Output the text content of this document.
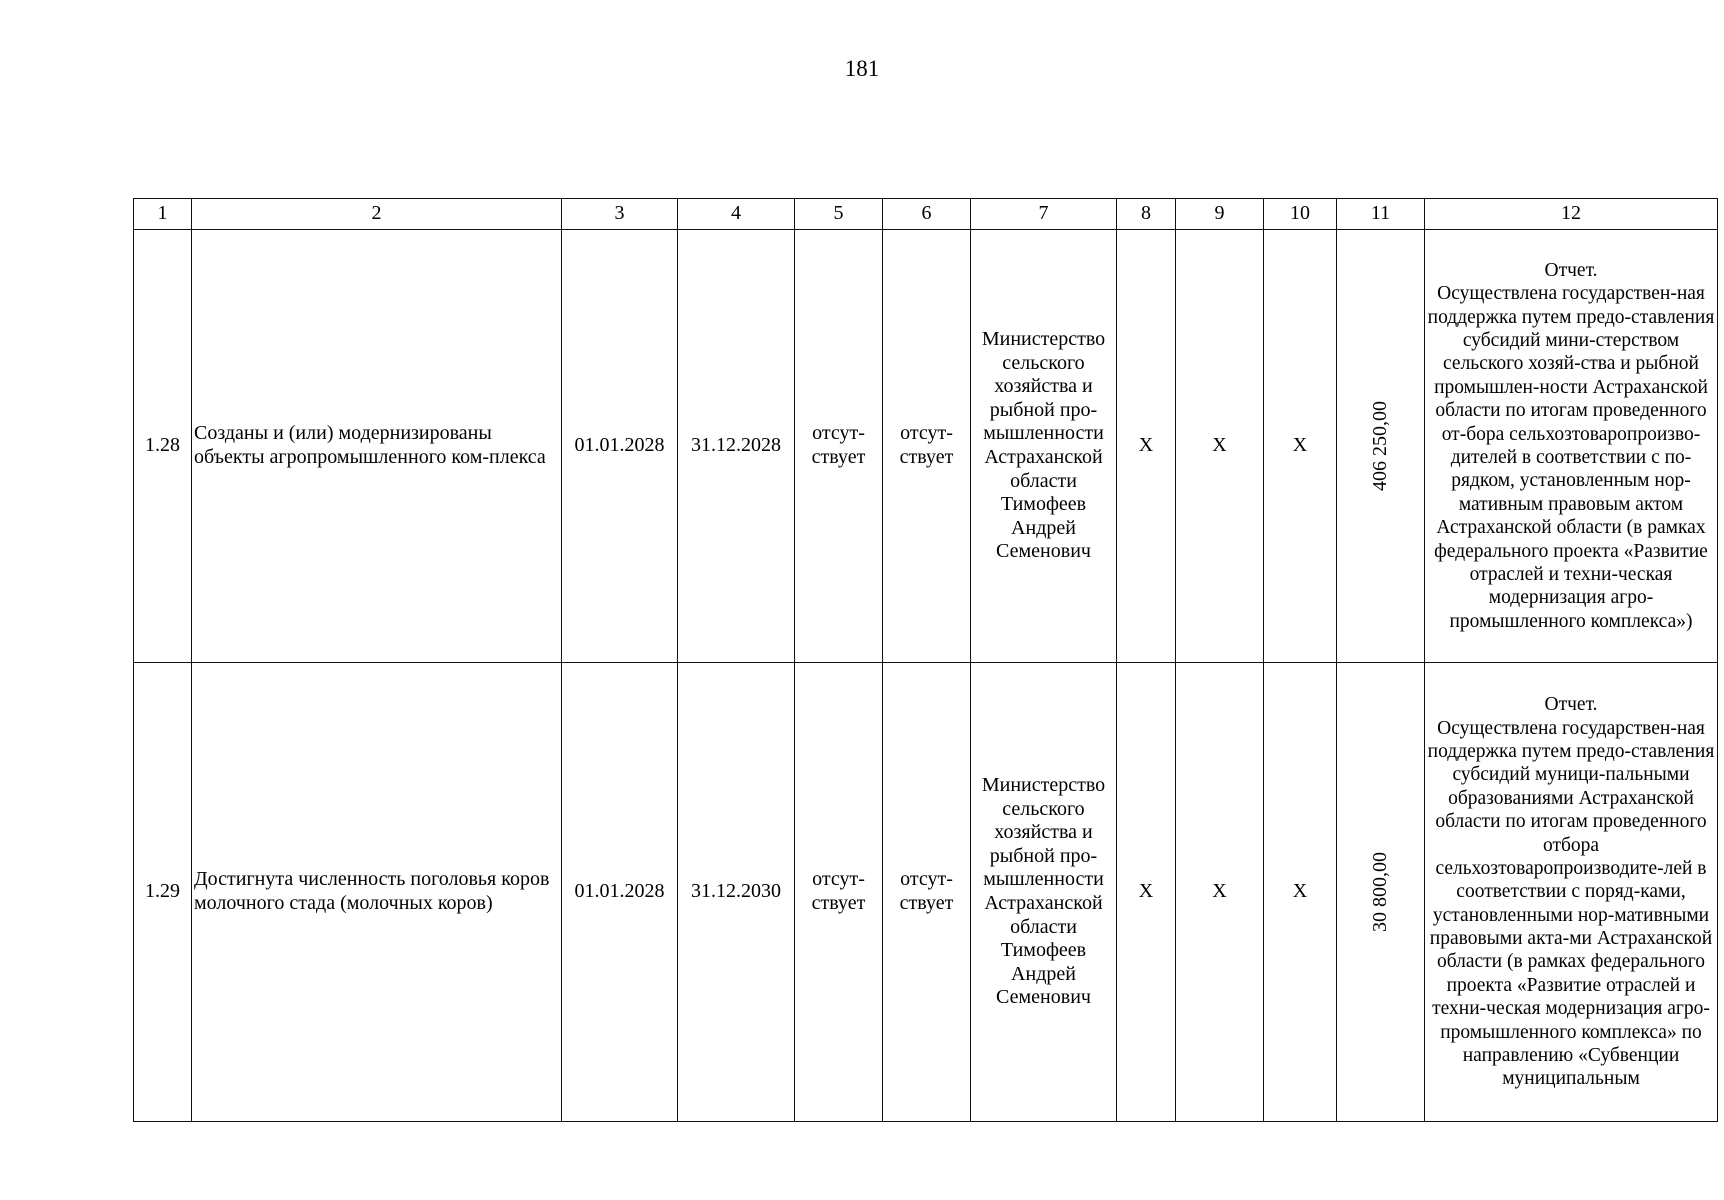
181
1	2	3	4	5	6	7	8	9	10	11	12
1.28	Созданы и (или) модернизированы объекты агропромышленного ком-плекса	01.01.2028	31.12.2028	отсут-ствует	отсут-ствует	Министерство сельского хозяйства и рыбной про-мышленности Астраханской области Тимофеев Андрей Семенович	Х	Х	Х	406 250,00	Отчет.
Осуществлена государствен-ная поддержка путем предо-ставления субсидий мини-стерством сельского хозяй-ства и рыбной промышлен-ности Астраханской области по итогам проведенного от-бора сельхозтоваропроизво-дителей в соответствии с по-рядком, установленным нор-мативным правовым актом Астраханской области (в рамках федерального проекта «Развитие отраслей и техни-ческая модернизация агро-промышленного комплекса»)

1.29	Достигнута численность поголовья коров молочного стада (молочных коров)	01.01.2028	31.12.2030	отсут-ствует	отсут-ствует	Министерство сельского хозяйства и рыбной про-мышленности Астраханской области Тимофеев Андрей Семенович	Х	Х	Х	30 800,00	Отчет.
Осуществлена государствен-ная поддержка путем предо-ставления субсидий муници-пальными образованиями Астраханской области по итогам проведенного отбора сельхозтоваропроизводите-лей в соответствии с поряд-ками, установленными нор-мативными правовыми акта-ми Астраханской области (в рамках федерального проекта «Развитие отраслей и техни-ческая модернизация агро-промышленного комплекса» по направлению «Субвенции муниципальным
